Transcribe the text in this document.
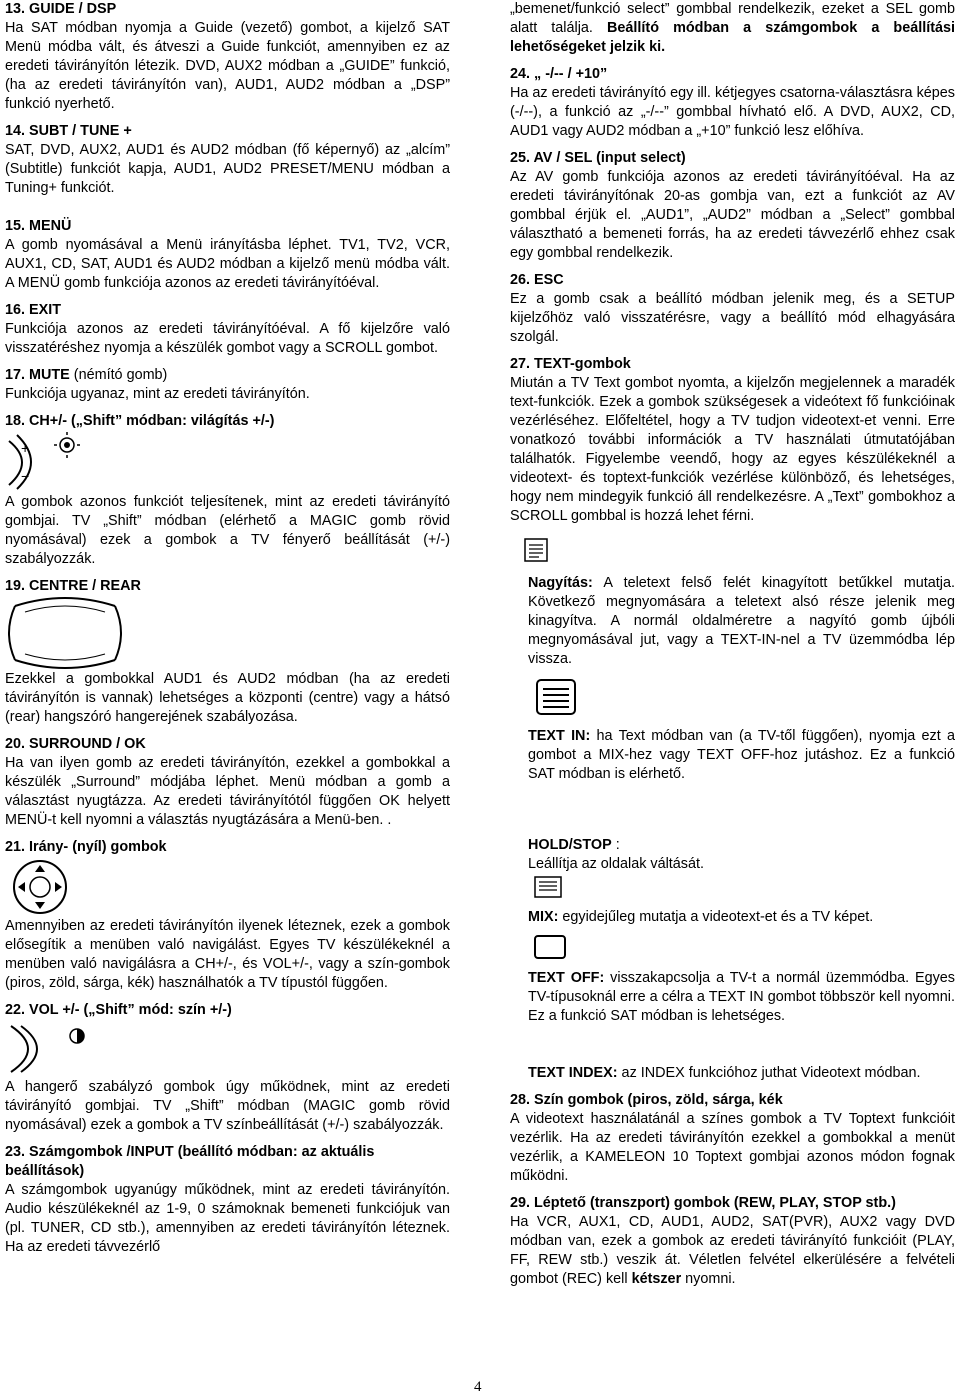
13. GUIDE / DSP

Ha SAT módban nyomja a Guide (vezető) gombot, a kijelző SAT Menü módba vált, és átveszi a Guide funkciót, amennyiben ez az eredeti távirányítón létezik. DVD, AUX2 módban a „GUIDE” funkció, (ha az eredeti távirányítón van), AUD1, AUD2 módban a „DSP” funkció nyerhető.

14. SUBT / TUNE +

SAT, DVD, AUX2, AUD1 és AUD2 módban (fő képernyő) az „alcím” (Subtitle) funkciót kapja, AUD1, AUD2 PRESET/MENU módban a Tuning+ funkciót.

15. MENÜ

A gomb nyomásával a Menü irányításba léphet. TV1, TV2, VCR, AUX1, CD, SAT, AUD1 és AUD2 módban a kijelző menü módba vált. A MENÜ gomb funkciója azonos az eredeti távirányítóéval.

16. EXIT

Funkciója azonos az eredeti távirányítóéval. A fő kijelzőre való visszatéréshez nyomja a készülék gombot vagy a SCROLL gombot.

17. MUTE (némító gomb)

Funkciója ugyanaz, mint az eredeti távirányítón.

18. CH+/- („Shift” módban: világítás +/-)
+
−

A gombok azonos funkciót teljesítenek, mint az eredeti távirányító gombjai. TV „Shift” módban (elérhető a MAGIC gomb rövid nyomásával) ezek a gombok a TV fényerő beállítását (+/-) szabályozzák.

19. CENTRE / REAR

Ezekkel a gombokkal AUD1 és AUD2 módban (ha az eredeti távirányítón is vannak) lehetséges a központi (centre) vagy a hátsó (rear) hangszóró hangerejének szabályozása.

20. SURROUND / OK

Ha van ilyen gomb az eredeti távirányítón, ezekkel a gombokkal a készülék „Surround” módjába léphet. Menü módban a gomb a választást nyugtázza. Az eredeti távirányítótól függően OK helyett MENÜ-t kell nyomni a választás nyugtázására a Menü-ben. .

21. Irány- (nyíl) gombok

Amennyiben az eredeti távirányítón ilyenek léteznek, ezek a gombok elősegítik a menüben való navigálást. Egyes TV készülékeknél a menüben való navigálásra a CH+/-, és VOL+/-, vagy a szín-gombok (piros, zöld, sárga, kék) használhatók a TV típustól függően.

22. VOL +/- („Shift” mód: szín +/-)

A hangerő szabályzó gombok úgy működnek, mint az eredeti távirányító gombjai. TV „Shift” módban (MAGIC gomb rövid nyomásával) ezek a gombok a TV színbeállítását (+/-) szabályozzák.

23. Számgombok /INPUT (beállító módban: az aktuális beállítások)

A számgombok ugyanúgy működnek, mint az eredeti távirányítón. Audio készülékeknél az 1-9, 0 számoknak bemeneti funkciójuk van (pl. TUNER, CD stb.), amennyiben az eredeti távirányítón léteznek. Ha az eredeti távvezérlő

„bemenet/funkció select” gombbal rendelkezik, ezeket a SEL gomb alatt találja. Beállító módban a számgombok a beállítási lehetőségeket jelzik ki.

24. „ -/-- / +10”

Ha az eredeti távirányító egy ill. kétjegyes csatorna-választásra képes (-/--), a funkció az „-/--” gombbal hívható elő. A DVD, AUX2, CD, AUD1 vagy AUD2 módban a „+10” funkció lesz előhíva.

25. AV / SEL (input select)

Az AV gomb funkciója azonos az eredeti távirányítóéval. Ha az eredeti távirányítónak 20-as gombja van, ezt a funkciót az AV gombbal érjük el. „AUD1”, „AUD2” módban a „Select” gombbal választható a bemeneti forrás, ha az eredeti távvezérlő ehhez csak egy gombbal rendelkezik.

26. ESC

Ez a gomb csak a beállító módban jelenik meg, és a SETUP kijelzőhöz való visszatérésre, vagy a beállító mód elhagyására szolgál.

27. TEXT-gombok

Miután a TV Text gombot nyomta, a kijelzőn megjelennek a maradék text-funkciók. Ezek a gombok szükségesek a videótext fő funkcióinak vezérléséhez. Előfeltétel, hogy a TV tudjon videotext-et venni. Erre vonatkozó további információk a TV használati útmutatójában találhatók. Figyelembe veendő, hogy az egyes készülékeknél a videotext- és toptext-funkciók vezérlése különböző, és lehetséges, hogy nem mindegyik funkció áll rendelkezésre. A „Text” gombokhoz a SCROLL gombbal is hozzá lehet férni.

Nagyítás: A teletext felső felét kinagyított betűkkel mutatja. Következő megnyomására a teletext alsó része jelenik meg kinagyítva. A normál oldalméretre a nagyító gomb újbóli megnyomásával jut, vagy a TEXT-IN-nel a TV üzemmódba lép vissza.

TEXT IN: ha Text módban van (a TV-től függően), nyomja ezt a gombot a MIX-hez vagy TEXT OFF-hoz jutáshoz. Ez a funkció SAT módban is elérhető.

HOLD/STOP :

Leállítja az oldalak váltását.

MIX: egyidejűleg mutatja a videotext-et és a TV képet.

TEXT OFF: visszakapcsolja a TV-t a normál üzemmódba. Egyes TV-típusoknál erre a célra a TEXT IN gombot többször kell nyomni. Ez a funkció SAT módban is lehetséges.

TEXT INDEX: az INDEX funkcióhoz juthat Videotext módban.

28. Szín gombok (piros, zöld, sárga, kék

A videotext használatánál a színes gombok a TV Toptext funkcióit vezérlik. Ha az eredeti távirányítón ezekkel a gombokkal a menüt vezérlik, a KAMELEON 10 Toptext gombjai azonos módon fognak működni.

29. Léptető (transzport) gombok (REW, PLAY, STOP stb.)

Ha VCR, AUX1, CD, AUD1, AUD2, SAT(PVR), AUX2 vagy DVD módban van, ezek a gombok az eredeti távirányító funkcióit (PLAY, FF, REW stb.) veszik át. Véletlen felvétel elkerülésére a felvételi gombot (REC) kell kétszer nyomni.

4
